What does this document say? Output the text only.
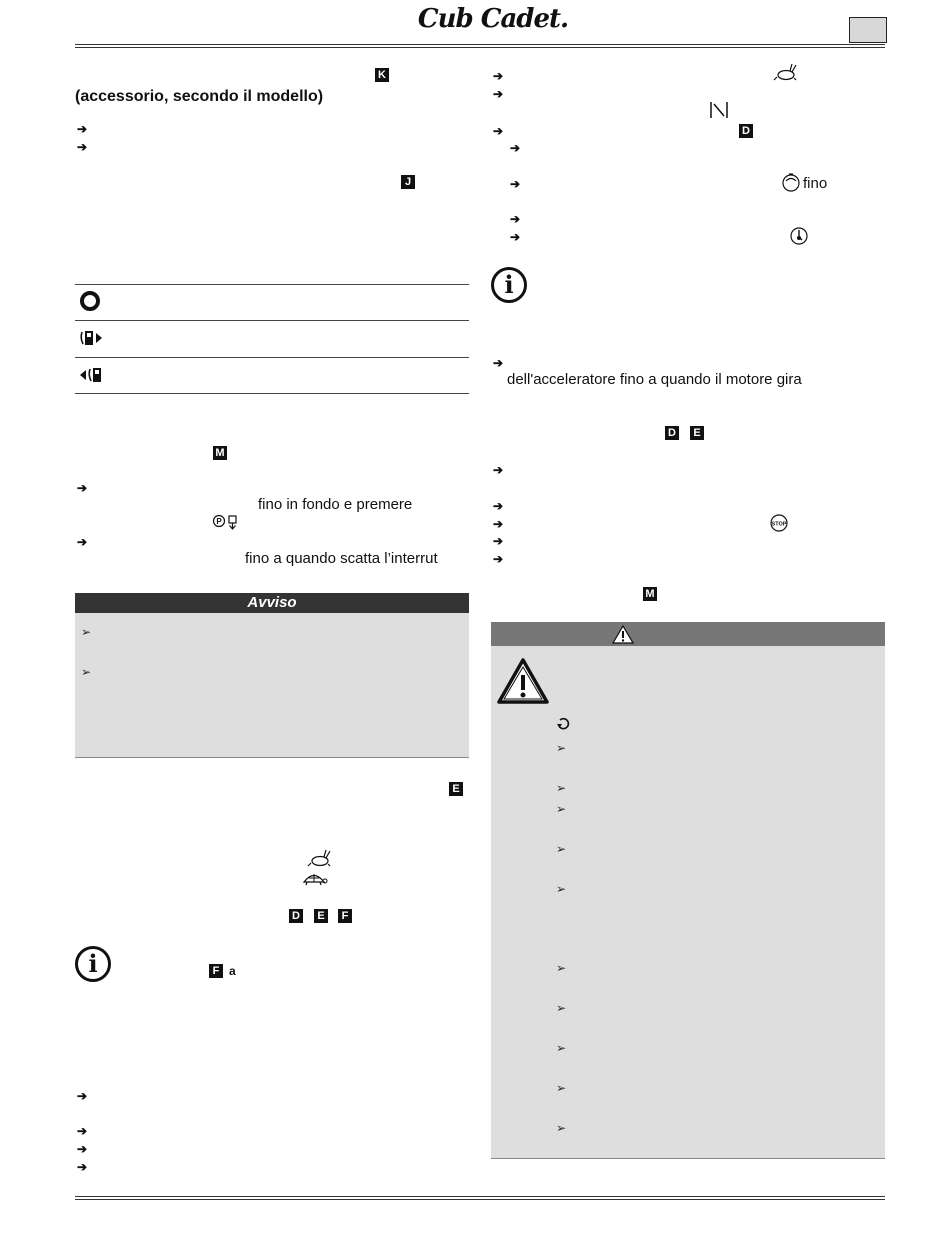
Cub Cadet.
K
(accessorio, secondo il modello)
➔
➔
J
M
➔
fino in fondo e premere
P
➔
fino a quando scatta l’interrut
Avviso
➢
➢
E
D	E	F
i	F a
➔
➔
➔
➔
➔
➔
➔	D
➔
➔	fino
➔
➔
i
➔
dell'acceleratore fino a quando il motore gira
D	E
➔
➔
➔	STOP
➔
➔
M
➢
➢
➢
➢
➢
➢
➢
➢
➢
➢
